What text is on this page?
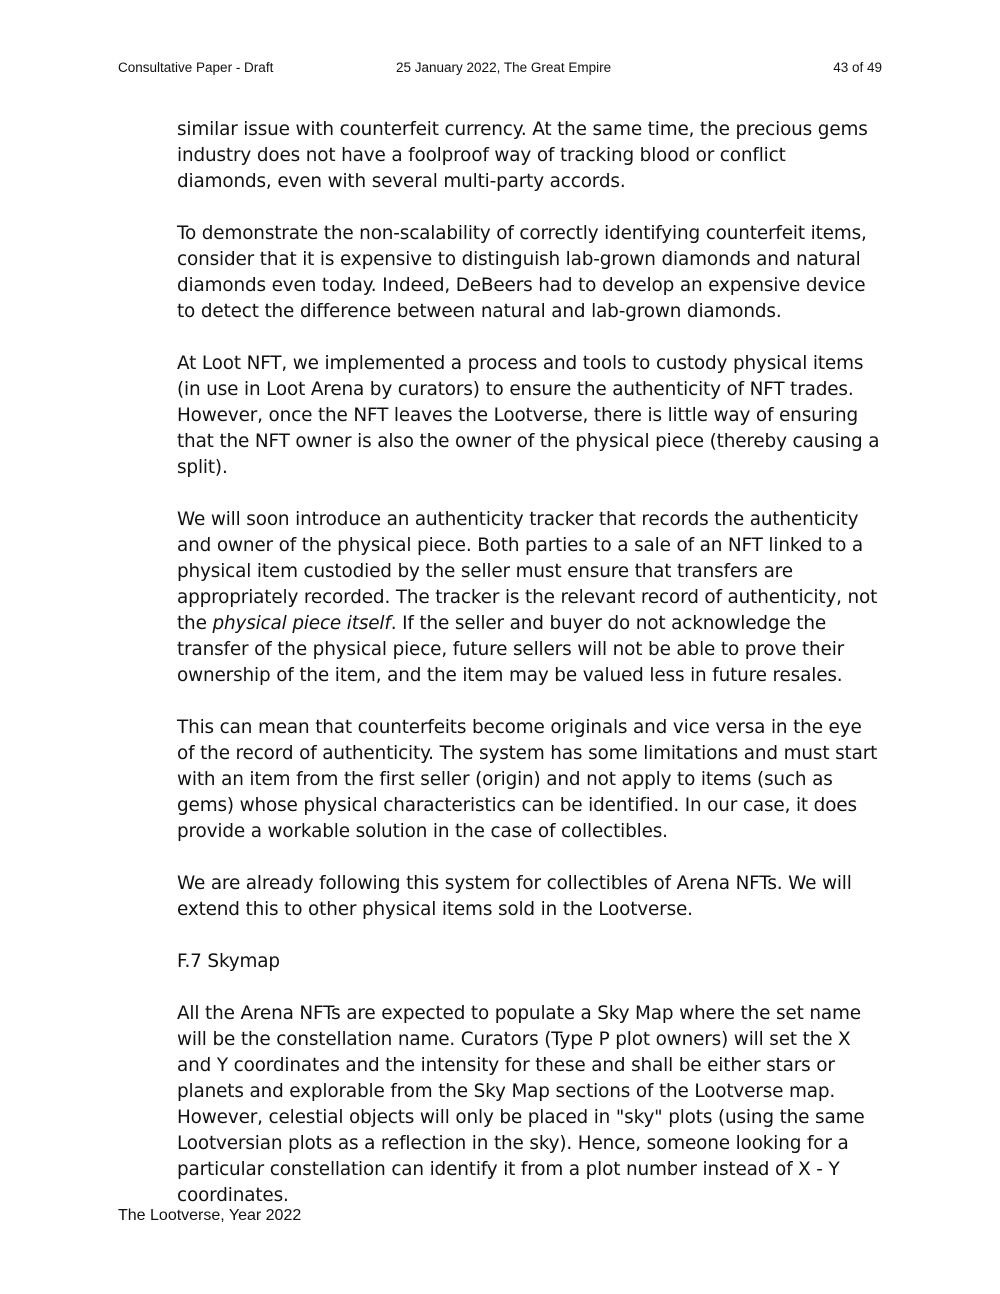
Consultative Paper - Draft	25 January 2022, The Great Empire	43 of 49

similar issue with counterfeit currency. At the same time, the precious gems industry does not have a foolproof way of tracking blood or conflict diamonds, even with several multi-party accords.

To demonstrate the non-scalability of correctly identifying counterfeit items, consider that it is expensive to distinguish lab-grown diamonds and natural diamonds even today. Indeed, DeBeers had to develop an expensive device to detect the difference between natural and lab-grown diamonds.

At Loot NFT, we implemented a process and tools to custody physical items (in use in Loot Arena by curators) to ensure the authenticity of NFT trades. However, once the NFT leaves the Lootverse, there is little way of ensuring that the NFT owner is also the owner of the physical piece (thereby causing a split).

We will soon introduce an authenticity tracker that records the authenticity and owner of the physical piece. Both parties to a sale of an NFT linked to a physical item custodied by the seller must ensure that transfers are appropriately recorded. The tracker is the relevant record of authenticity, not the physical piece itself. If the seller and buyer do not acknowledge the transfer of the physical piece, future sellers will not be able to prove their ownership of the item, and the item may be valued less in future resales.

This can mean that counterfeits become originals and vice versa in the eye of the record of authenticity. The system has some limitations and must start with an item from the first seller (origin) and not apply to items (such as gems) whose physical characteristics can be identified. In our case, it does provide a workable solution in the case of collectibles.

We are already following this system for collectibles of Arena NFTs. We will extend this to other physical items sold in the Lootverse.

F.7 Skymap

All the Arena NFTs are expected to populate a Sky Map where the set name will be the constellation name. Curators (Type P plot owners) will set the X and Y coordinates and the intensity for these and shall be either stars or planets and explorable from the Sky Map sections of the Lootverse map. However, celestial objects will only be placed in "sky" plots (using the same Lootversian plots as a reflection in the sky). Hence, someone looking for a particular constellation can identify it from a plot number instead of X - Y coordinates.

The Lootverse, Year 2022
